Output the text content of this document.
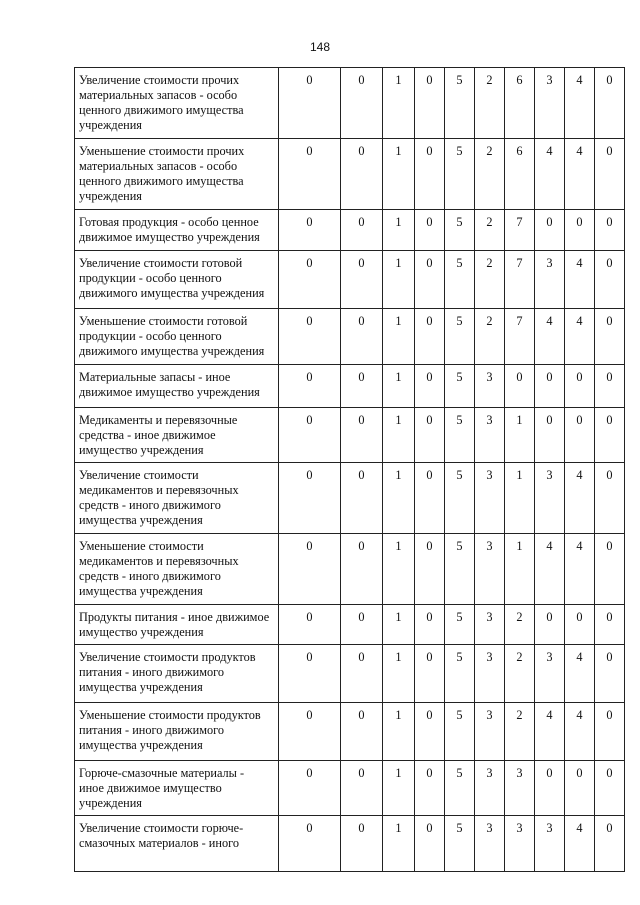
148
Увеличение стоимости прочих материальных запасов - особо ценного движимого имущества учреждения	0	0	1	0	5	2	6	3	4	0
Уменьшение стоимости прочих материальных запасов - особо ценного движимого имущества учреждения	0	0	1	0	5	2	6	4	4	0
Готовая продукция - особо ценное движимое имущество учреждения	0	0	1	0	5	2	7	0	0	0
Увеличение стоимости готовой продукции - особо ценного движимого имущества учреждения	0	0	1	0	5	2	7	3	4	0
Уменьшение стоимости готовой продукции - особо ценного движимого имущества учреждения	0	0	1	0	5	2	7	4	4	0
Материальные запасы - иное движимое имущество учреждения	0	0	1	0	5	3	0	0	0	0
Медикаменты и перевязочные средства - иное движимое имущество учреждения	0	0	1	0	5	3	1	0	0	0
Увеличение стоимости медикаментов и перевязочных средств - иного движимого имущества учреждения	0	0	1	0	5	3	1	3	4	0
Уменьшение стоимости медикаментов и перевязочных средств - иного движимого имущества учреждения	0	0	1	0	5	3	1	4	4	0
Продукты питания - иное движимое имущество учреждения	0	0	1	0	5	3	2	0	0	0
Увеличение стоимости продуктов питания - иного движимого имущества учреждения	0	0	1	0	5	3	2	3	4	0
Уменьшение стоимости продуктов питания - иного движимого имущества учреждения	0	0	1	0	5	3	2	4	4	0
Горюче-смазочные материалы - иное движимое имущество учреждения	0	0	1	0	5	3	3	0	0	0
Увеличение стоимости горюче-смазочных материалов - иного	0	0	1	0	5	3	3	3	4	0
